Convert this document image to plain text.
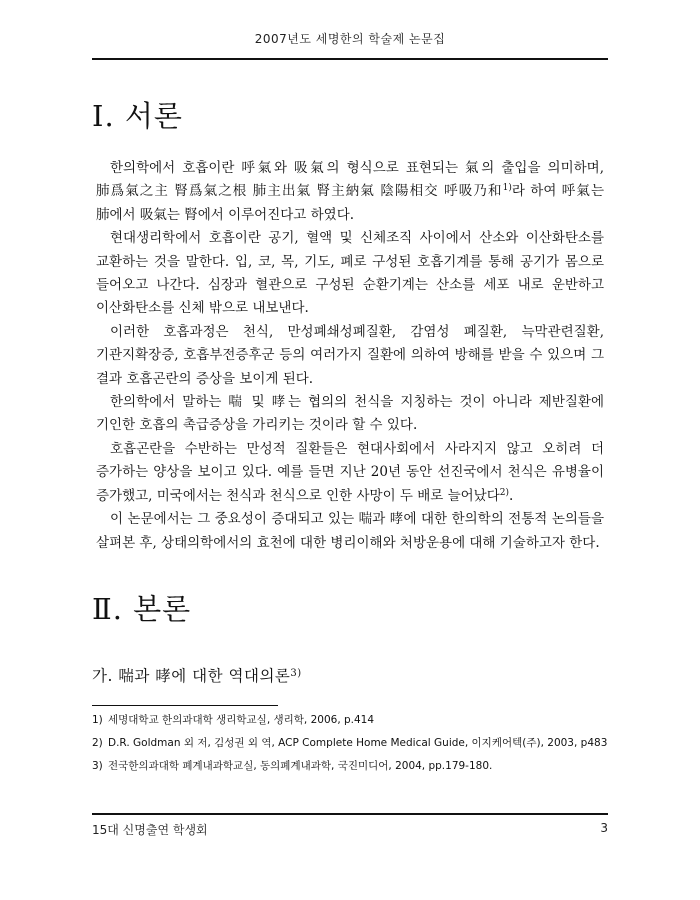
2007년도 세명한의 학술제 논문집
Ⅰ. 서론

한의학에서 호흡이란 呼氣와 吸氣의 형식으로 표현되는 氣의 출입을 의미하며, 肺爲氣之主 腎爲氣之根 肺主出氣 腎主納氣 陰陽相交 呼吸乃和$^{1)}$라 하여 呼氣는 肺에서 吸氣는 腎에서 이루어진다고 하였다.

현대생리학에서 호흡이란 공기, 혈액 및 신체조직 사이에서 산소와 이산화탄소를 교환하는 것을 말한다. 입, 코, 목, 기도, 폐로 구성된 호흡기계를 통해 공기가 몸으로 들어오고 나간다. 심장과 혈관으로 구성된 순환기계는 산소를 세포 내로 운반하고 이산화탄소를 신체 밖으로 내보낸다.

이러한 호흡과정은 천식, 만성폐쇄성폐질환, 감염성 폐질환, 늑막관련질환, 기관지확장증, 호흡부전증후군 등의 여러가지 질환에 의하여 방해를 받을 수 있으며 그 결과 호흡곤란의 증상을 보이게 된다.

한의학에서 말하는 喘 및 哮는 협의의 천식을 지칭하는 것이 아니라 제반질환에 기인한 호흡의 촉급증상을 가리키는 것이라 할 수 있다.

호흡곤란을 수반하는 만성적 질환들은 현대사회에서 사라지지 않고 오히려 더 증가하는 양상을 보이고 있다. 예를 들면 지난 20년 동안 선진국에서 천식은 유병율이 증가했고, 미국에서는 천식과 천식으로 인한 사망이 두 배로 늘어났다$^{2)}$.

이 논문에서는 그 중요성이 증대되고 있는 喘과 哮에 대한 한의학의 전통적 논의들을 살펴본 후, 상태의학에서의 효천에 대한 병리이해와 처방운용에 대해 기술하고자 한다.

Ⅱ. 본론
가. 喘과 哮에 대한 역대의론$^{3)}$
1) 세명대학교 한의과대학 생리학교실, 생리학, 2006, p.414
2) D.R. Goldman 외 저, 김성권 외 역, ACP Complete Home Medical Guide, 이지케어텍(주), 2003, p483
3) 전국한의과대학 폐계내과학교실, 동의폐계내과학, 국진미디어, 2004, pp.179-180.
15대 신명출연 학생회	3
